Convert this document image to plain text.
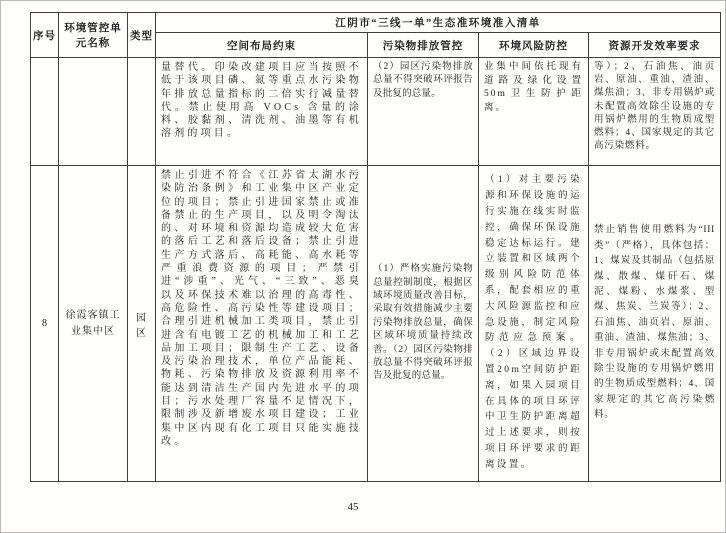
序号	环境管控单元名称	类型	江阴市“三线一单”生态准环境准入清单			
			空间布局约束	污染物排放管控	环境风险防控	资源开发效率要求

			量替代。印染改建项目应当按照不低于该项目磷、氮等重点水污染物年排放总量指标的二倍实行减量替代。禁止使用高 VOCs 含量的涂料、胶黏剂、清洗剂、油墨等有机溶剂的项目。	（2）园区污染物排放总量不得突破环评报告及批复的总量。	业集中间依托现有道路及绿化设置50m卫生防护距离。	等）；2、石油焦、油页岩、原油、重油、渣油、煤焦油；3、非专用锅炉或未配置高效除尘设施的专用锅炉燃用的生物质成型燃料；4、国家规定的其它高污染燃料。

8	徐霞客镇工业集中区	园区	禁止引进不符合《江苏省太湖水污染防治条例》和工业集中区产业定位的项目；禁止引进国家禁止或准备禁止的生产项目，以及明令淘汰的、对环境和资源均造成较大危害的落后工艺和落后设备；禁止引进生产方式落后、高耗能、高水耗等严重浪费资源的项目；严禁引进“涉重”、光气、“三致”、恶臭以及环保技术难以治理的高毒性、高危险性、高污染性等建设项目；合理引进机械加工类项目，禁止引进含有电镀工艺的机械加工和工艺品加工项目；限制生产工艺、设备及污染治理技术，单位产品能耗、物耗、污染物排放及资源利用率不能达到清洁生产国内先进水平的项目；污水处理厂容量不足情况下，限制涉及新增废水项目建设；工业集中区内现有化工项目只能实施技改。	（1）严格实施污染物总量控制制度，根据区域环境质量改善目标，采取有效措施减少主要污染物排放总量，确保区域环境质量持续改善。（2）园区污染物排放总量不得突破环评报告及批复的总量。	（1）对主要污染源和环保设施的运行实施在线实时监控，确保环保设施稳定达标运行。建立装置和区域两个级别风险防范体系，配套相应的重大风险源监控和应急设施，制定风险防范应急预案。（2）区域边界设置20m空间防护距离，如果入园项目在具体的项目环评中卫生防护距离超过上述要求，则按项目环评要求的距离设置。	禁止销售使用燃料为“III类”（严格），具体包括：1、煤炭及其制品（包括原煤、散煤、煤矸石、煤泥、煤粉、水煤浆、型煤、焦炭、兰炭等）；2、石油焦、油页岩、原油、重油、渣油、煤焦油；3、非专用锅炉或未配置高效除尘设施的专用锅炉燃用的生物质成型燃料；4、国家规定的其它高污染燃料。
45
